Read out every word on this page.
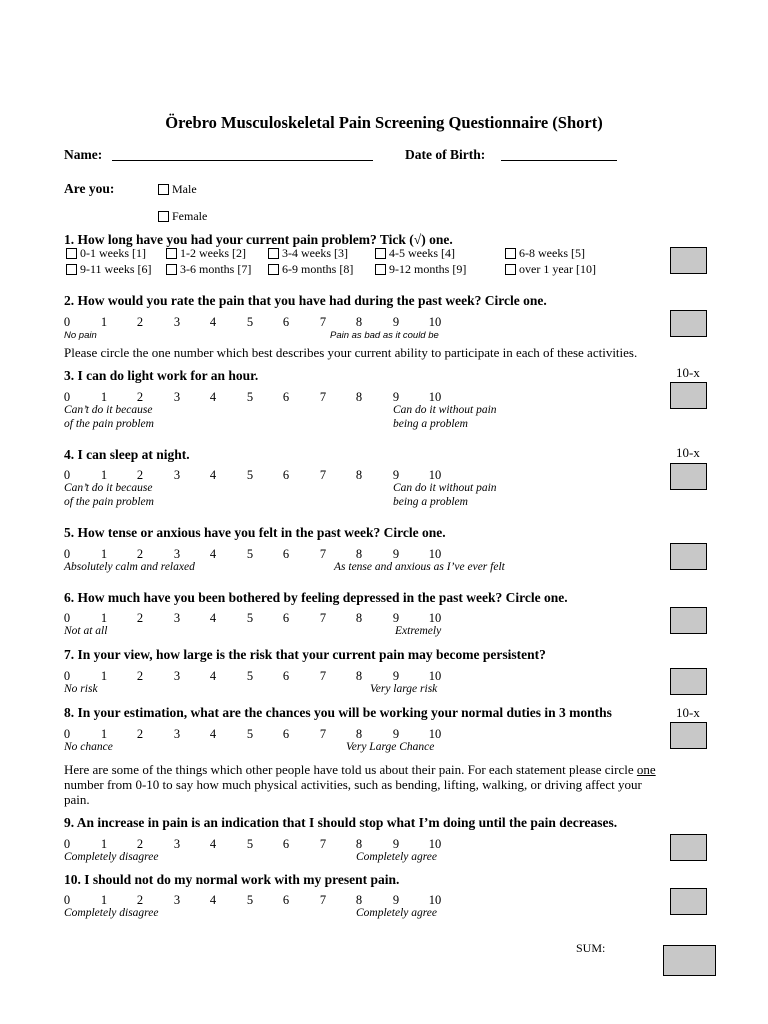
Örebro Musculoskeletal Pain Screening Questionnaire (Short)
Name:	Date of Birth:
Are you:	Male
Female
1. How long have you had your current pain problem? Tick (√) one.
0-1 weeks [1]	1-2 weeks [2]	3-4 weeks [3]	4-5 weeks [4]	6-8 weeks [5]
9-11 weeks [6]	3-6 months [7]	6-9 months [8]	9-12 months [9]	over 1 year [10]
2. How would you rate the pain that you have had during the past week? Circle one.
0 1 2 3 4 5 6 7 8 9 10
No pain	Pain as bad as it could be
Please circle the one number which best describes your current ability to participate in each of these activities.
10-x
3. I can do light work for an hour.
0 1 2 3 4 5 6 7 8 9 10
Can’t do it because
of the pain problem
Can do it without pain
being a problem
10-x
4. I can sleep at night.
0 1 2 3 4 5 6 7 8 9 10
Can’t do it because
of the pain problem
Can do it without pain
being a problem
5. How tense or anxious have you felt in the past week? Circle one.
0 1 2 3 4 5 6 7 8 9 10
Absolutely calm and relaxed	As tense and anxious as I’ve ever felt
6. How much have you been bothered by feeling depressed in the past week? Circle one.
0 1 2 3 4 5 6 7 8 9 10
Not at all	Extremely
7. In your view, how large is the risk that your current pain may become persistent?
0 1 2 3 4 5 6 7 8 9 10
No risk	Very large risk
8. In your estimation, what are the chances you will be working your normal duties in 3 months	10-x
0 1 2 3 4 5 6 7 8 9 10
No chance	Very Large Chance
Here are some of the things which other people have told us about their pain. For each statement please circle one number from 0-10 to say how much physical activities, such as bending, lifting, walking, or driving affect your pain.
9. An increase in pain is an indication that I should stop what I’m doing until the pain decreases.
0 1 2 3 4 5 6 7 8 9 10
Completely disagree	Completely agree
10. I should not do my normal work with my present pain.
0 1 2 3 4 5 6 7 8 9 10
Completely disagree	Completely agree
SUM:
